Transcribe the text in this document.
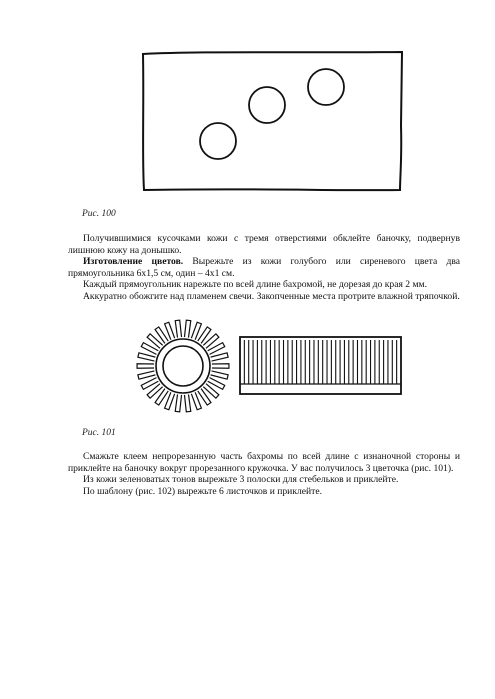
Рис. 100

Получившимися кусочками кожи с тремя отверстиями обклейте баночку, подвернув лишнюю кожу на донышко.

Изготовление цветов. Вырежьте из кожи голубого или сиреневого цвета два прямоугольника 6х1,5 см, один – 4х1 см.

Каждый прямоугольник нарежьте по всей длине бахромой, не дорезая до края 2 мм.

Аккуратно обожгите над пламенем свечи. Закопченные места протрите влажной тряпочкой.

Рис. 101

Смажьте клеем непрорезанную часть бахромы по всей длине с изнаночной стороны и приклейте на баночку вокруг прорезанного кружочка. У вас получилось 3 цветочка (рис. 101).

Из кожи зеленоватых тонов вырежьте 3 полоски для стебельков и приклейте.

По шаблону (рис. 102) вырежьте 6 листочков и приклейте.
